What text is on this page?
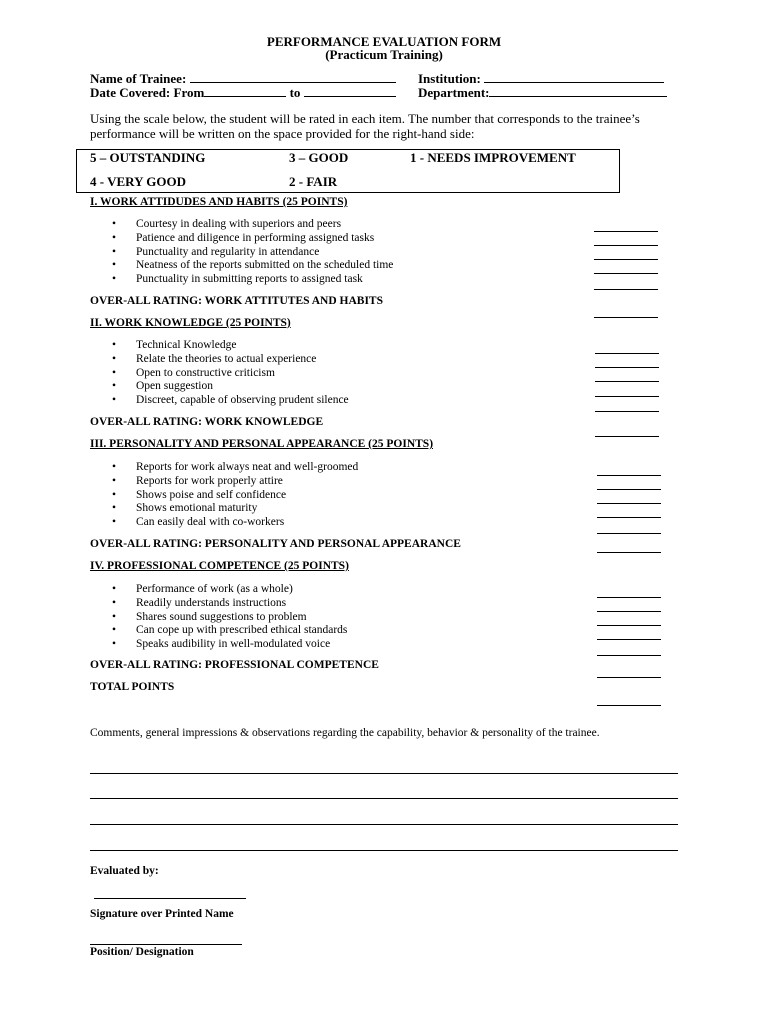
PERFORMANCE EVALUATION FORM
(Practicum Training)
Name of Trainee:	Institution:
Date Covered: From	to	Department:
Using the scale below, the student will be rated in each item. The number that corresponds to the trainee’s performance will be written on the space provided for the right-hand side:
5 – OUTSTANDING	3 – GOOD	1 - NEEDS IMPROVEMENT
4 - VERY GOOD	2 - FAIR
I. WORK ATTIDUDES AND HABITS (25 POINTS)
• Courtesy in dealing with superiors and peers
• Patience and diligence in performing assigned tasks
• Punctuality and regularity in attendance
• Neatness of the reports submitted on the scheduled time
• Punctuality in submitting reports to assigned task
OVER-ALL RATING: WORK ATTITUTES AND HABITS
II. WORK KNOWLEDGE (25 POINTS)
• Technical Knowledge
• Relate the theories to actual experience
• Open to constructive criticism
• Open suggestion
• Discreet, capable of observing prudent silence
OVER-ALL RATING: WORK KNOWLEDGE
III. PERSONALITY AND PERSONAL APPEARANCE (25 POINTS)
• Reports for work always neat and well-groomed
• Reports for work properly attire
• Shows poise and self confidence
• Shows emotional maturity
• Can easily deal with co-workers
OVER-ALL RATING: PERSONALITY AND PERSONAL APPEARANCE
IV. PROFESSIONAL COMPETENCE (25 POINTS)
• Performance of work (as a whole)
• Readily understands instructions
• Shares sound suggestions to problem
• Can cope up with prescribed ethical standards
• Speaks audibility in well-modulated voice
OVER-ALL RATING: PROFESSIONAL COMPETENCE
TOTAL POINTS
Comments, general impressions & observations regarding the capability, behavior & personality of the trainee.
Evaluated by:
Signature over Printed Name
Position/ Designation
